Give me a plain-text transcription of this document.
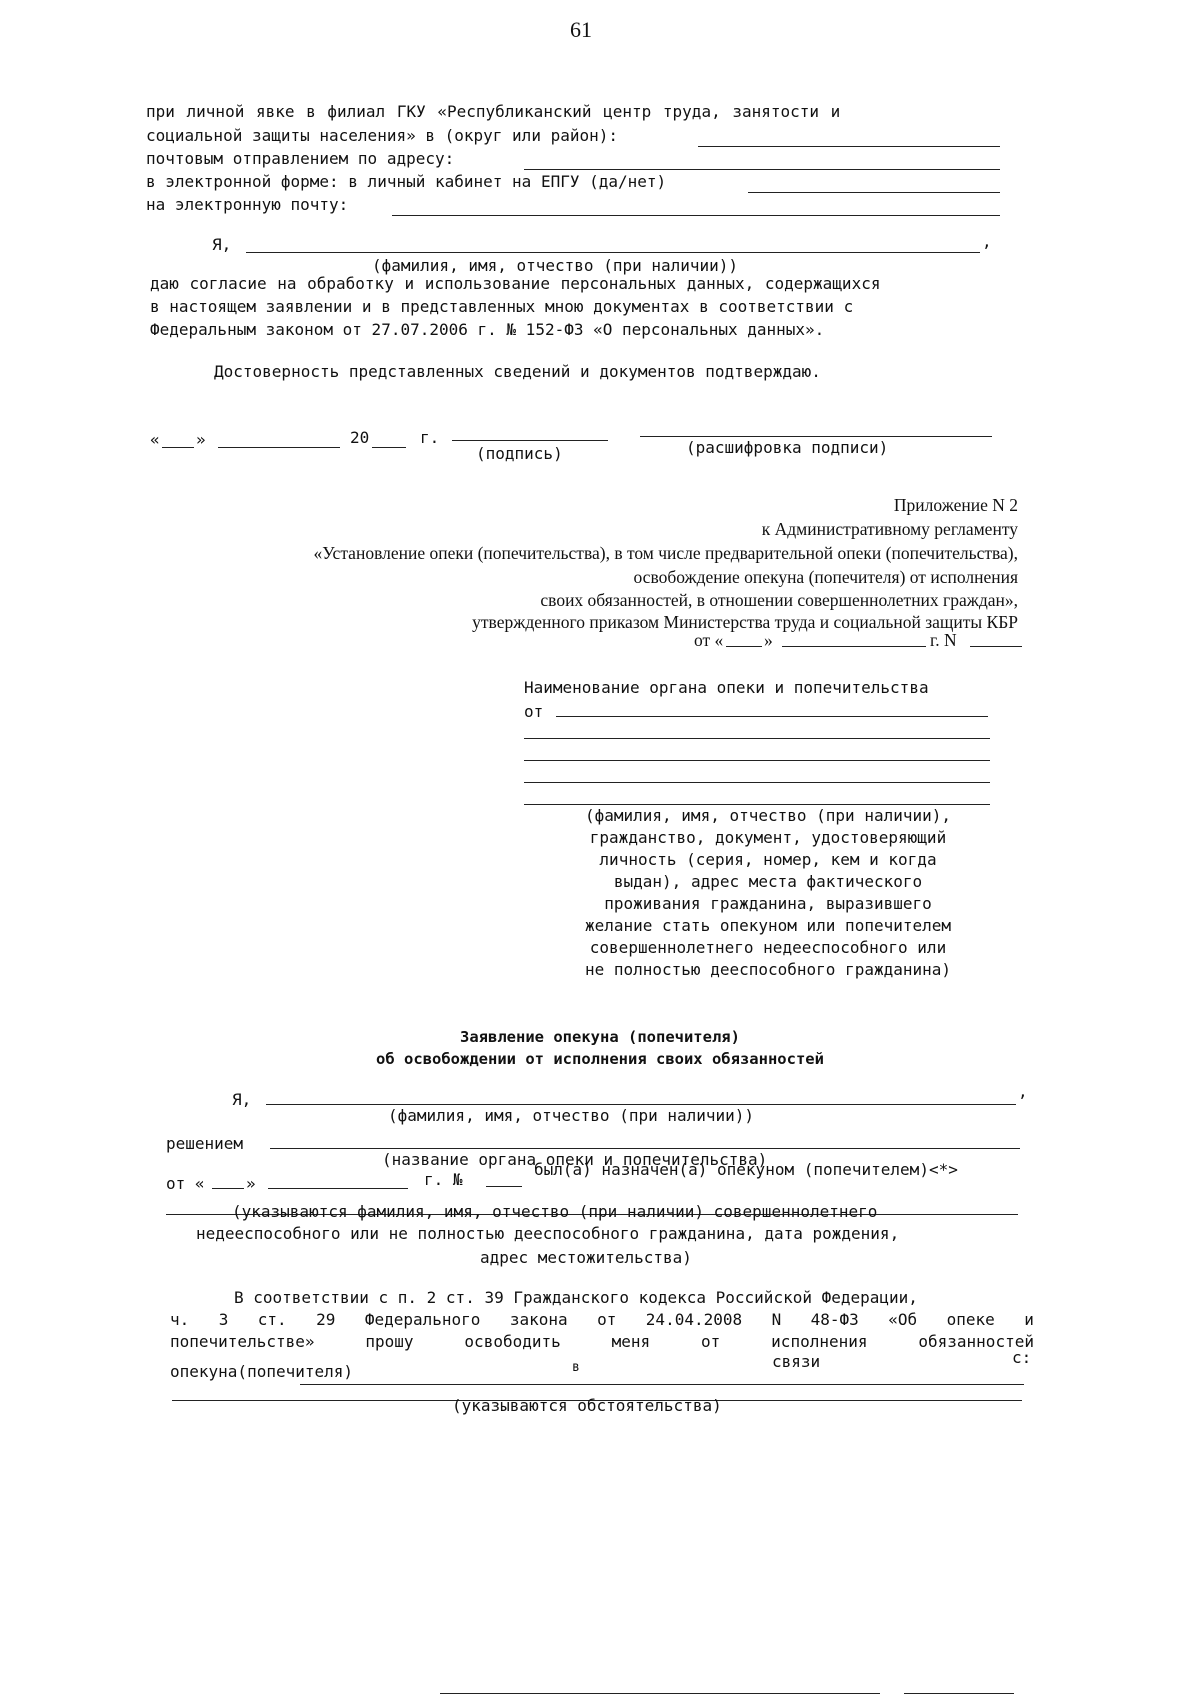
61
при личной явке в филиал ГКУ «Республиканский центр труда, занятости и
социальной защиты населения» в (округ или район):
почтовым отправлением по адресу:
в электронной форме: в личный кабинет на ЕПГУ (да/нет)
на электронную почту:
Я,	,
(фамилия, имя, отчество (при наличии))
даю согласие на обработку и использование персональных данных, содержащихся
в настоящем заявлении и в представленных мною документах в соответствии с
Федеральным законом от 27.07.2006 г. № 152-ФЗ «О персональных данных».
Достоверность представленных сведений и документов подтверждаю.
« »	20	г.
(подпись)	(расшифровка подписи)
Приложение N 2
к Административному регламенту
«Установление опеки (попечительства), в том числе предварительной опеки (попечительства),
освобождение опекуна (попечителя) от исполнения
своих обязанностей, в отношении совершеннолетних граждан»,
утвержденного приказом Министерства труда и социальной защиты КБР
от « »	г. N
Наименование органа опеки и попечительства
от
(фамилия, имя, отчество (при наличии),
гражданство, документ, удостоверяющий
личность (серия, номер, кем и когда
выдан), адрес места фактического
проживания гражданина, выразившего
желание стать опекуном или попечителем
совершеннолетнего недееспособного или
не полностью дееспособного гражданина)
Заявление опекуна (попечителя)
об освобождении от исполнения своих обязанностей
Я,	,
(фамилия, имя, отчество (при наличии))
решением
(название органа опеки и попечительства)
от «	»	г. №
был(а) назначен(а) опекуном (попечителем)<*>
(указываются фамилия, имя, отчество (при наличии) совершеннолетнего
недееспособного или не полностью дееспособного гражданина, дата рождения,
адрес местожительства)
В соответствии с п. 2 ст. 39 Гражданского кодекса Российской Федерации,
ч. 3 ст. 29 Федерального закона от 24.04.2008 N 48-ФЗ «Об опеке и
попечительстве»	прошу	освободить	меня	от	исполнения	обязанностей
опекуна(попечителя)	в	связи	с:
(указываются обстоятельства)
